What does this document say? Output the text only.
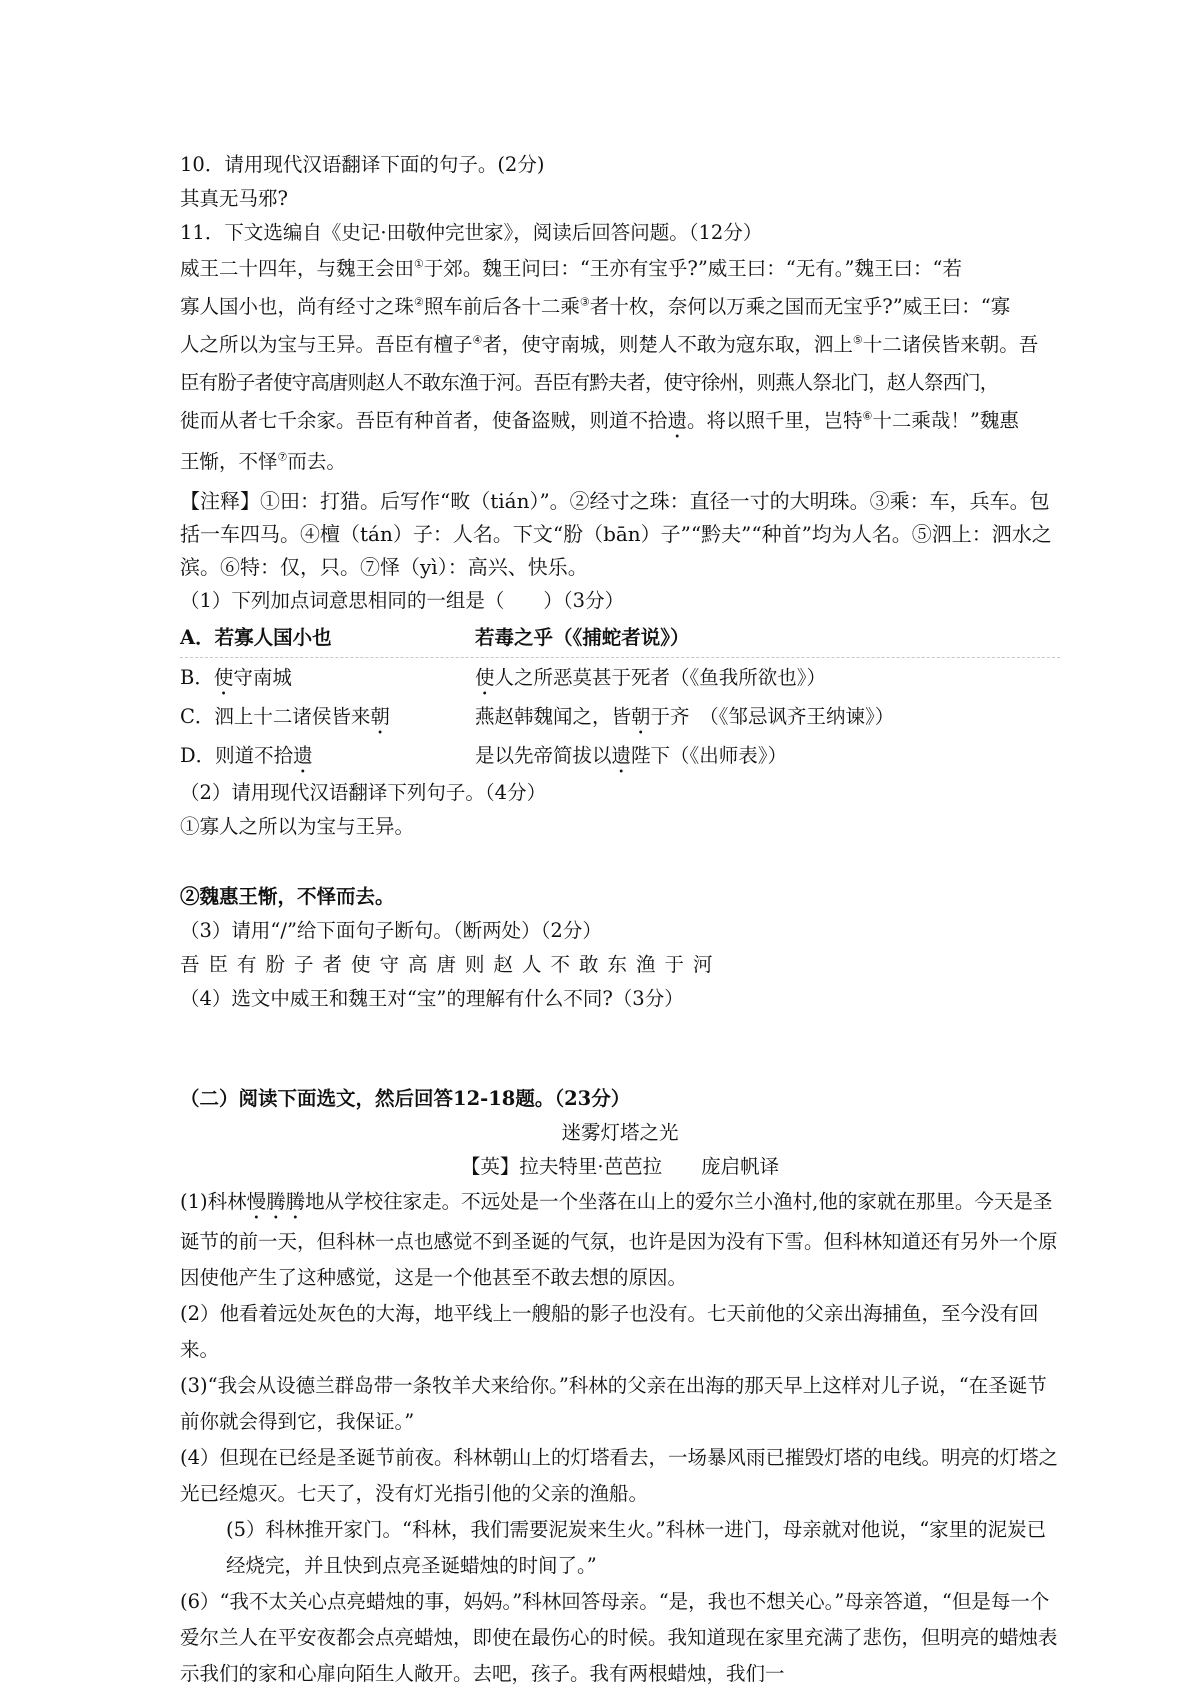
10．请用现代汉语翻译下面的句子。(2分)
其真无马邪?
11．下文选编自《史记·田敬仲完世家》，阅读后回答问题。（12分）
威王二十四年，与魏王会田①于郊。魏王问曰：“王亦有宝乎?”威王曰：“无有。”魏王曰：“若
寡人国小也，尚有经寸之珠②照车前后各十二乘③者十枚，奈何以万乘之国而无宝乎?”威王曰：“寡
人之所以为宝与王异。吾臣有檀子④者，使守南城，则楚人不敢为寇东取，泗上⑤十二诸侯皆来朝。吾
臣有肦子者使守高唐则赵人不敢东渔于河。吾臣有黔夫者，使守徐州，则燕人祭北门，赵人祭西门，
徙而从者七千余家。吾臣有种首者，使备盗贼，则道不拾遗。将以照千里，岂特⑥十二乘哉！”魏惠
王惭，不怿⑦而去。
【注释】①田：打猎。后写作“畋（tián）”。②经寸之珠：直径一寸的大明珠。③乘：车，兵车。包括一车四马。④檀（tán）子：人名。下文“肦（bān）子”“黔夫”“种首”均为人名。⑤泗上：泗水之滨。⑥特：仅，只。⑦怿（yì）：高兴、快乐。
（1）下列加点词意思相同的一组是（　　）（3分）
A．若寡人国小也	若毒之乎（《捕蛇者说》）
B．使守南城	使人之所恶莫甚于死者（《鱼我所欲也》）
C．泗上十二诸侯皆来朝	燕赵韩魏闻之，皆朝于齐　（《邹忌讽齐王纳谏》）
D．则道不拾遗	是以先帝简拔以遗陛下（《出师表》）
（2）请用现代汉语翻译下列句子。（4分）
①寡人之所以为宝与王异。
②魏惠王惭，不怿而去。
（3）请用“/”给下面句子断句。（断两处）（2分）
吾臣有肦子者使守高唐则赵人不敢东渔于河
（4）选文中威王和魏王对“宝”的理解有什么不同?（3分）
（二）阅读下面选文，然后回答12-18题。（23分）
迷雾灯塔之光
【英】拉夫特里·芭芭拉　　庞启帆译
(1)科林慢腾腾地从学校往家走。不远处是一个坐落在山上的爱尔兰小渔村,他的家就在那里。今天是圣诞节的前一天，但科林一点也感觉不到圣诞的气氛，也许是因为没有下雪。但科林知道还有另外一个原因使他产生了这种感觉，这是一个他甚至不敢去想的原因。
(2）他看着远处灰色的大海，地平线上一艘船的影子也没有。七天前他的父亲出海捕鱼，至今没有回来。
(3)“我会从设德兰群岛带一条牧羊犬来给你。”科林的父亲在出海的那天早上这样对儿子说，“在圣诞节前你就会得到它，我保证。”
(4）但现在已经是圣诞节前夜。科林朝山上的灯塔看去，一场暴风雨已摧毁灯塔的电线。明亮的灯塔之光已经熄灭。七天了，没有灯光指引他的父亲的渔船。
(5）科林推开家门。“科林，我们需要泥炭来生火。”科林一进门，母亲就对他说，“家里的泥炭已经烧完，并且快到点亮圣诞蜡烛的时间了。”
(6）“我不太关心点亮蜡烛的事，妈妈。”科林回答母亲。“是，我也不想关心。”母亲答道，“但是每一个爱尔兰人在平安夜都会点亮蜡烛，即使在最伤心的时候。我知道现在家里充满了悲伤，但明亮的蜡烛表示我们的家和心扉向陌生人敞开。去吧，孩子。我有两根蜡烛，我们一
